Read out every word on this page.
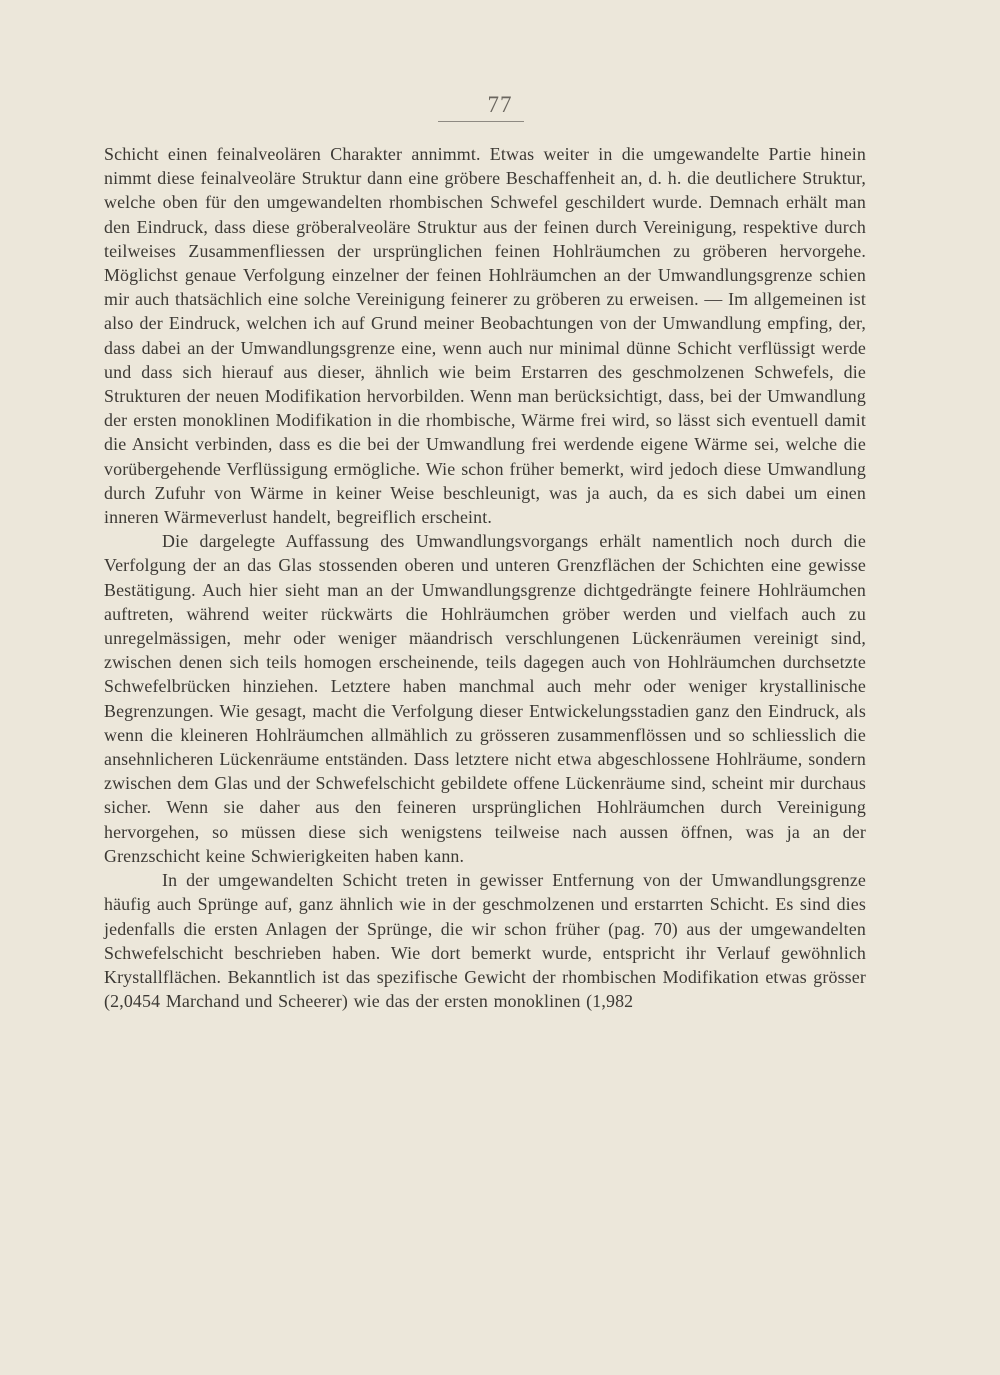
77

Schicht einen feinalveolären Charakter annimmt. Etwas weiter in die umgewandelte Partie hinein nimmt diese feinalveoläre Struktur dann eine gröbere Beschaffenheit an, d. h. die deutlichere Struktur, welche oben für den umgewandelten rhombischen Schwefel geschildert wurde. Demnach erhält man den Eindruck, dass diese gröberalveoläre Struktur aus der feinen durch Vereinigung, respektive durch teilweises Zusammenfliessen der ursprünglichen feinen Hohlräumchen zu gröberen hervorgehe. Möglichst genaue Verfolgung einzelner der feinen Hohlräumchen an der Umwandlungsgrenze schien mir auch thatsächlich eine solche Vereinigung feinerer zu gröberen zu erweisen. — Im allgemeinen ist also der Eindruck, welchen ich auf Grund meiner Beobachtungen von der Umwandlung empfing, der, dass dabei an der Umwandlungsgrenze eine, wenn auch nur minimal dünne Schicht verflüssigt werde und dass sich hierauf aus dieser, ähnlich wie beim Erstarren des geschmolzenen Schwefels, die Strukturen der neuen Modifikation hervorbilden. Wenn man berücksichtigt, dass, bei der Umwandlung der ersten monoklinen Modifikation in die rhombische, Wärme frei wird, so lässt sich eventuell damit die Ansicht verbinden, dass es die bei der Umwandlung frei werdende eigene Wärme sei, welche die vorübergehende Verflüssigung ermögliche. Wie schon früher bemerkt, wird jedoch diese Umwandlung durch Zufuhr von Wärme in keiner Weise beschleunigt, was ja auch, da es sich dabei um einen inneren Wärmeverlust handelt, begreiflich erscheint.

Die dargelegte Auffassung des Umwandlungsvorgangs erhält namentlich noch durch die Verfolgung der an das Glas stossenden oberen und unteren Grenzflächen der Schichten eine gewisse Bestätigung. Auch hier sieht man an der Umwandlungsgrenze dichtgedrängte feinere Hohlräumchen auftreten, während weiter rückwärts die Hohlräumchen gröber werden und vielfach auch zu unregelmässigen, mehr oder weniger mäandrisch verschlungenen Lückenräumen vereinigt sind, zwischen denen sich teils homogen erscheinende, teils dagegen auch von Hohlräumchen durchsetzte Schwefelbrücken hinziehen. Letztere haben manchmal auch mehr oder weniger krystallinische Begrenzungen. Wie gesagt, macht die Verfolgung dieser Entwickelungsstadien ganz den Eindruck, als wenn die kleineren Hohlräumchen allmählich zu grösseren zusammenflössen und so schliesslich die ansehnlicheren Lückenräume entständen. Dass letztere nicht etwa abgeschlossene Hohlräume, sondern zwischen dem Glas und der Schwefelschicht gebildete offene Lückenräume sind, scheint mir durchaus sicher. Wenn sie daher aus den feineren ursprünglichen Hohlräumchen durch Vereinigung hervorgehen, so müssen diese sich wenigstens teilweise nach aussen öffnen, was ja an der Grenzschicht keine Schwierigkeiten haben kann.

In der umgewandelten Schicht treten in gewisser Entfernung von der Umwandlungsgrenze häufig auch Sprünge auf, ganz ähnlich wie in der geschmolzenen und erstarrten Schicht. Es sind dies jedenfalls die ersten Anlagen der Sprünge, die wir schon früher (pag. 70) aus der umgewandelten Schwefelschicht beschrieben haben. Wie dort bemerkt wurde, entspricht ihr Verlauf gewöhnlich Krystallflächen. Bekanntlich ist das spezifische Gewicht der rhombischen Modifikation etwas grösser (2,0454 Marchand und Scheerer) wie das der ersten monoklinen (1,982
